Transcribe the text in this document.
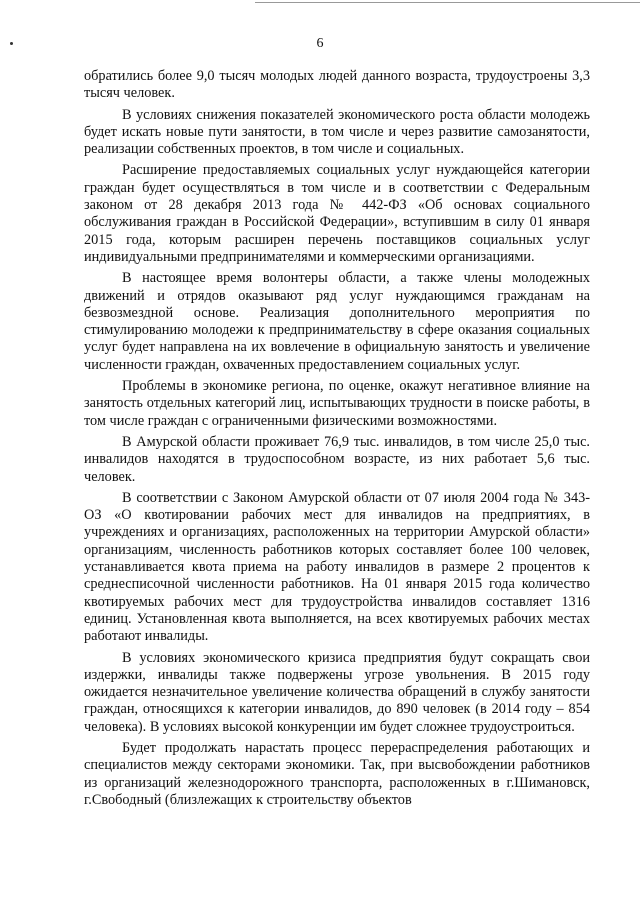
6

обратились более 9,0 тысяч молодых людей данного возраста, трудоустроены 3,3 тысяч человек.

В условиях снижения показателей экономического роста области молодежь будет искать новые пути занятости, в том числе и через развитие самозанятости, реализации собственных проектов, в том числе и социальных.

Расширение предоставляемых социальных услуг нуждающейся категории граждан будет осуществляться в том числе и в соответствии с Федеральным законом от 28 декабря 2013 года № 442-ФЗ «Об основах социального обслуживания граждан в Российской Федерации», вступившим в силу 01 января 2015 года, которым расширен перечень поставщиков социальных услуг индивидуальными предпринимателями и коммерческими организациями.

В настоящее время волонтеры области, а также члены молодежных движений и отрядов оказывают ряд услуг нуждающимся гражданам на безвозмездной основе. Реализация дополнительного мероприятия по стимулированию молодежи к предпринимательству в сфере оказания социальных услуг будет направлена на их вовлечение в официальную занятость и увеличение численности граждан, охваченных предоставлением социальных услуг.

Проблемы в экономике региона, по оценке, окажут негативное влияние на занятость отдельных категорий лиц, испытывающих трудности в поиске работы, в том числе граждан с ограниченными физическими возможностями.

В Амурской области проживает 76,9 тыс. инвалидов, в том числе 25,0 тыс. инвалидов находятся в трудоспособном возрасте, из них работает 5,6 тыс. человек.

В соответствии с Законом Амурской области от 07 июля 2004 года № 343-ОЗ «О квотировании рабочих мест для инвалидов на предприятиях, в учреждениях и организациях, расположенных на территории Амурской области» организациям, численность работников которых составляет более 100 человек, устанавливается квота приема на работу инвалидов в размере 2 процентов к среднесписочной численности работников. На 01 января 2015 года количество квотируемых рабочих мест для трудоустройства инвалидов составляет 1316 единиц. Установленная квота выполняется, на всех квотируемых рабочих местах работают инвалиды.

В условиях экономического кризиса предприятия будут сокращать свои издержки, инвалиды также подвержены угрозе увольнения. В 2015 году ожидается незначительное увеличение количества обращений в службу занятости граждан, относящихся к категории инвалидов, до 890 человек (в 2014 году – 854 человека). В условиях высокой конкуренции им будет сложнее трудоустроиться.

Будет продолжать нарастать процесс перераспределения работающих и специалистов между секторами экономики. Так, при высвобождении работников из организаций железнодорожного транспорта, расположенных в г.Шимановск, г.Свободный (близлежащих к строительству объектов
